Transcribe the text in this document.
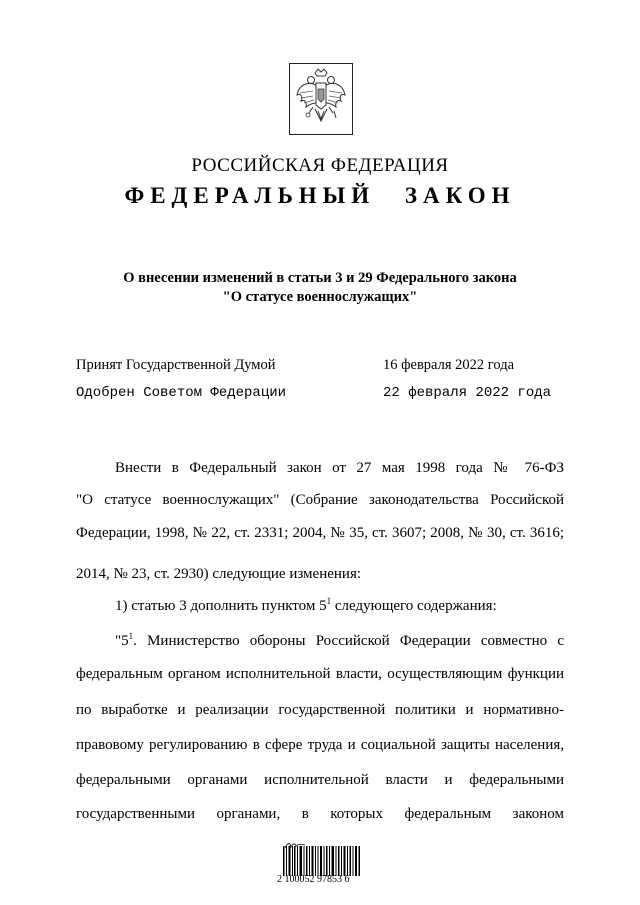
РОССИЙСКАЯ ФЕДЕРАЦИЯ
ФЕДЕРАЛЬНЫЙ ЗАКОН
О внесении изменений в статьи 3 и 29 Федерального закона
"О статусе военнослужащих"
Принят Государственной Думой	16 февраля 2022 года
Одобрен Советом Федерации	22 февраля 2022 года
Внести в Федеральный закон от 27 мая 1998 года № 76-ФЗ
"О статусе военнослужащих" (Собрание законодательства Российской
Федерации, 1998, № 22, ст. 2331; 2004, № 35, ст. 3607; 2008, № 30, ст. 3616;
2014, № 23, ст. 2930) следующие изменения:
1) статью 3 дополнить пунктом $5^1$ следующего содержания:
"$5^1$. Министерство обороны Российской Федерации совместно с
федеральным органом исполнительной власти, осуществляющим функции
по выработке и реализации государственной политики и нормативно-
правовому регулированию в сфере труда и социальной защиты населения,
федеральными органами исполнительной власти и федеральными
государственными органами, в которых федеральным законом
2 100052 97853 6
